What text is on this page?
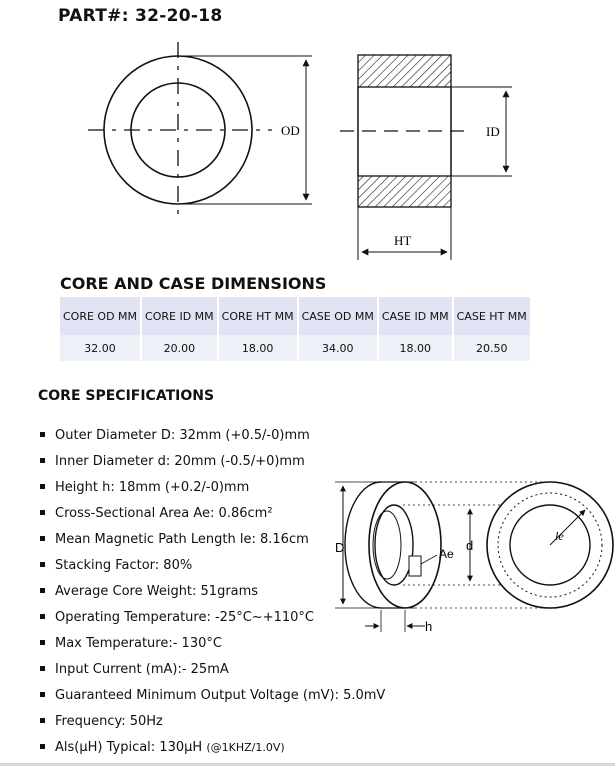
PART#: 32-20-18
OD	ID
HT
CORE AND CASE DIMENSIONS
CORE OD MM	CORE ID MM	CORE HT MM	CASE OD MM	CASE ID MM	CASE HT MM
32.00	20.00	18.00	34.00	18.00	20.50
CORE SPECIFICATIONS
Outer Diameter D: 32mm (+0.5/-0)mm
Inner Diameter d: 20mm (-0.5/+0)mm
Height h: 18mm (+0.2/-0)mm
Cross-Sectional Area Ae: 0.86cm²
Mean Magnetic Path Length le: 8.16cm
Stacking Factor: 80%
Average Core Weight: 51grams
Operating Temperature: -25°C~+110°C
Max Temperature:- 130°C
Input Current (mA):- 25mA
Guaranteed Minimum Output Voltage (mV): 5.0mV
Frequency: 50Hz
Als(μH) Typical: 130μH (@1KHZ/1.0V)
D	Ae
d
h
le
